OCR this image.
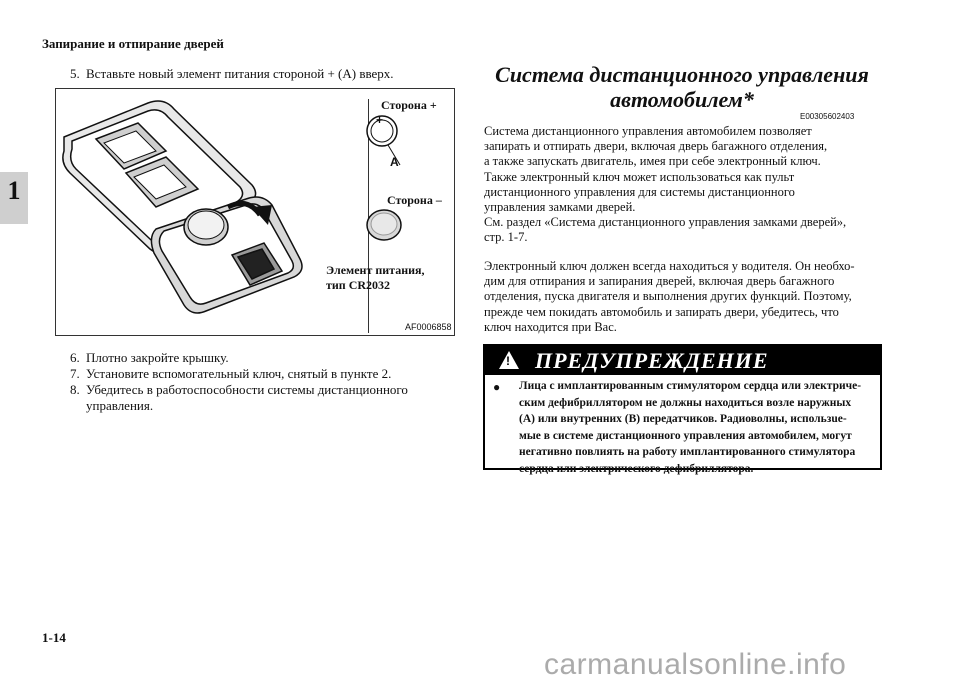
Запирание и отпирание дверей
1
5. Вставьте новый элемент питания стороной + (A) вверх.
Сторона +
+
A
Сторона –
Элемент питания,
тип CR2032
AF0006858
6. Плотно закройте крышку.
7. Установите вспомогательный ключ, снятый в пункте 2.
8. Убедитесь в работоспособности системы дистанционного
управления.
Система дистанционного управления
автомобилем*
E00305602403
Система дистанционного управления автомобилем позволяет
запирать и отпирать двери, включая дверь багажного отделения,
а также запускать двигатель, имея при себе электронный ключ.
Также электронный ключ может использоваться как пульт
дистанционного управления для системы дистанционного
управления замками дверей.
См. раздел «Система дистанционного управления замками дверей»,
стр. 1-7.
Электронный ключ должен всегда находиться у водителя. Он необхо-
дим для отпирания и запирания дверей, включая дверь багажного
отделения, пуска двигателя и выполнения других функций. Поэтому,
прежде чем покидать автомобиль и запирать двери, убедитесь, что
ключ находится при Вас.
! ПРЕДУПРЕЖДЕНИЕ
● Лица с имплантированным стимулятором сердца или электриче-
ским дефибриллятором не должны находиться возле наружных
(A) или внутренних (B) передатчиков. Радиоволны, использue-
мые в системе дистанционного управления автомобилем, могут
негативно повлиять на работу имплантированного стимулятора
сердца или электрического дефибриллятора.
1-14
carmanualsonline.info
